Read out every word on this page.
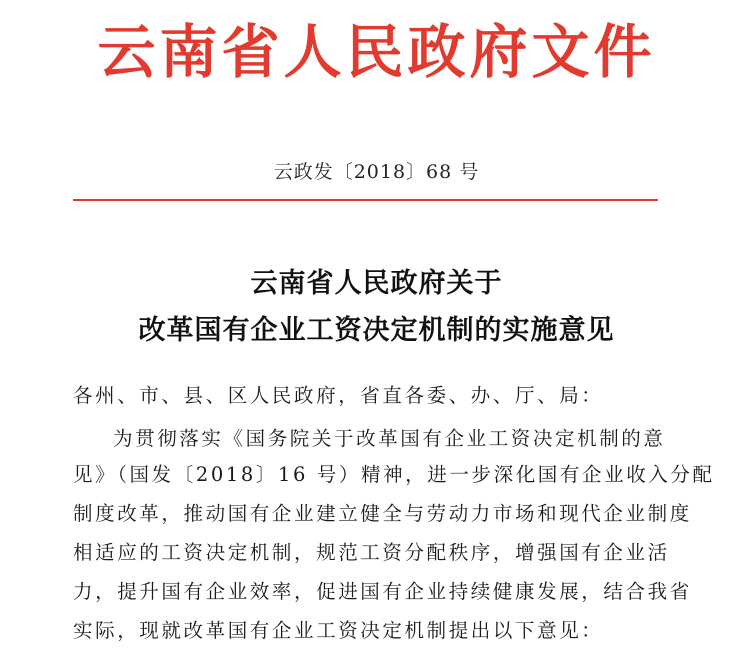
云南省人民政府文件
云政发〔2018〕68 号
云南省人民政府关于
改革国有企业工资决定机制的实施意见
各州、市、县、区人民政府，省直各委、办、厅、局：
为贯彻落实《国务院关于改革国有企业工资决定机制的意
见》（国发〔2018〕16 号）精神，进一步深化国有企业收入分配
制度改革，推动国有企业建立健全与劳动力市场和现代企业制度
相适应的工资决定机制，规范工资分配秩序，增强国有企业活
力，提升国有企业效率，促进国有企业持续健康发展，结合我省
实际，现就改革国有企业工资决定机制提出以下意见：
